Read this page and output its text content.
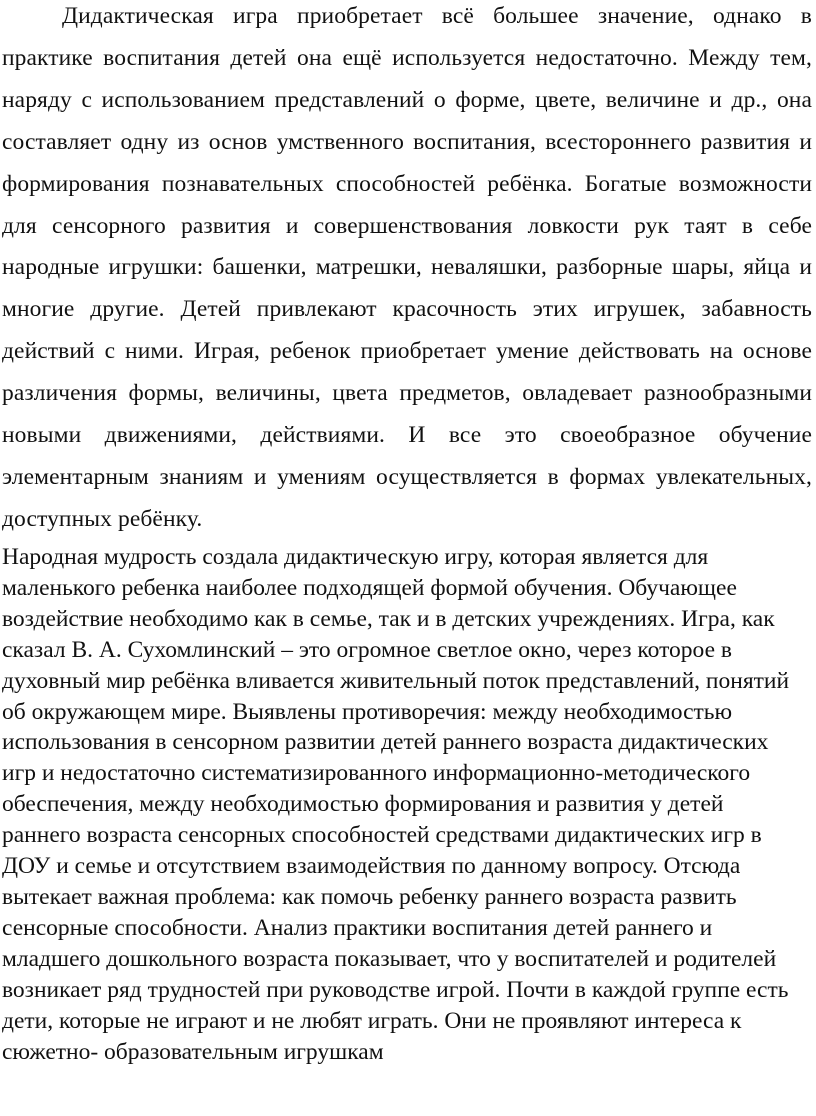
Дидактическая игра приобретает всё большее значение, однако в практике воспитания детей она ещё используется недостаточно. Между тем, наряду с использованием представлений о форме, цвете, величине и др., она составляет одну из основ умственного воспитания, всестороннего развития и формирования познавательных способностей ребёнка. Богатые возможности для сенсорного развития и совершенствования ловкости рук таят в себе народные игрушки: башенки, матрешки, неваляшки, разборные шары, яйца и многие другие. Детей привлекают красочность этих игрушек, забавность действий с ними. Играя, ребенок приобретает умение действовать на основе различения формы, величины, цвета предметов, овладевает разнообразными новыми движениями, действиями. И все это своеобразное обучение элементарным знаниям и умениям осуществляется в формах увлекательных, доступных ребёнку.

Народная мудрость создала дидактическую игру, которая является для маленького ребенка наиболее подходящей формой обучения. Обучающее воздействие необходимо как в семье, так и в детских учреждениях. Игра, как сказал В. А. Сухомлинский – это огромное светлое окно, через которое в духовный мир ребёнка вливается живительный поток представлений, понятий об окружающем мире. Выявлены противоречия: между необходимостью использования в сенсорном развитии детей раннего возраста дидактических игр и недостаточно систематизированного информационно-методического обеспечения, между необходимостью формирования и развития у детей раннего возраста сенсорных способностей средствами дидактических игр в ДОУ и семье и отсутствием взаимодействия по данному вопросу. Отсюда вытекает важная проблема: как помочь ребенку раннего возраста развить сенсорные способности. Анализ практики воспитания детей раннего и младшего дошкольного возраста показывает, что у воспитателей и родителей возникает ряд трудностей при руководстве игрой. Почти в каждой группе есть дети, которые не играют и не любят играть. Они не проявляют интереса к сюжетно- образовательным игрушкам
